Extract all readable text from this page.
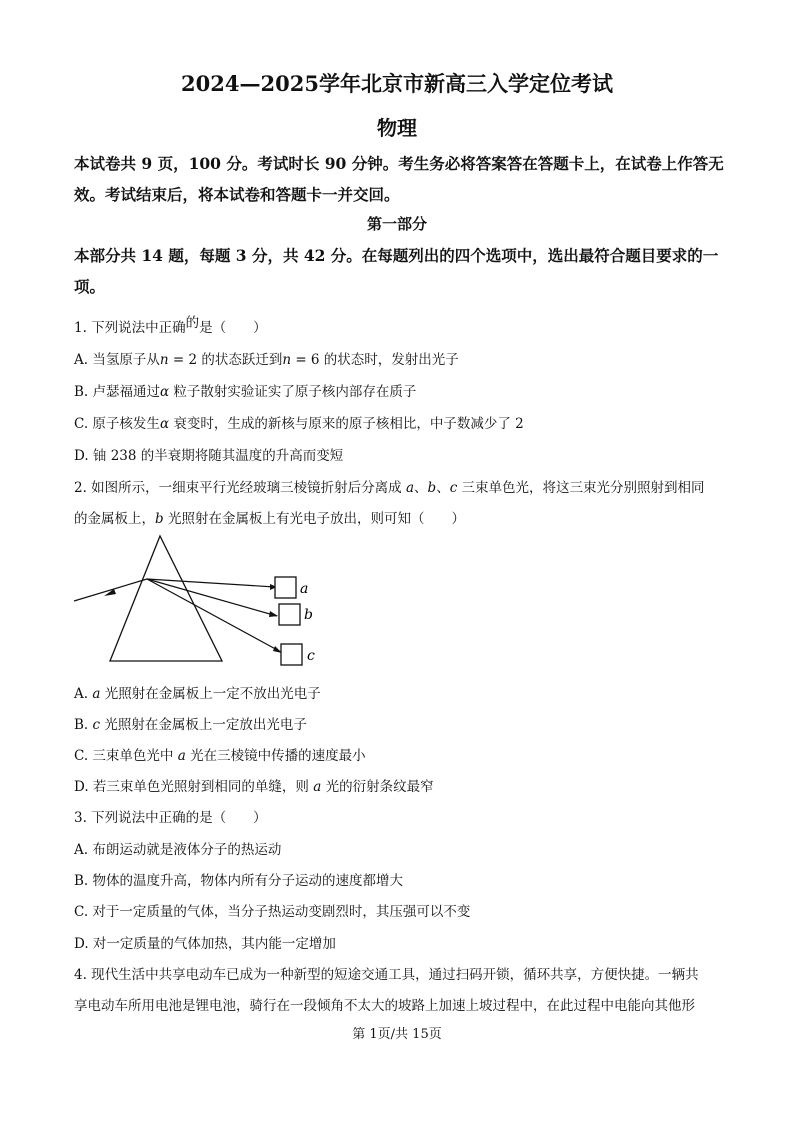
2024—2025学年北京市新高三入学定位考试
物理
本试卷共 9 页，100 分。考试时长 90 分钟。考生务必将答案答在答题卡上，在试卷上作答无
效。考试结束后，将本试卷和答题卡一并交回。
第一部分
本部分共 14 题，每题 3 分，共 42 分。在每题列出的四个选项中，选出最符合题目要求的一
项。
1. 下列说法中正确的是（　　）
A. 当氢原子从n = 2 的状态跃迁到n = 6 的状态时，发射出光子
B. 卢瑟福通过α 粒子散射实验证实了原子核内部存在质子
C. 原子核发生α 衰变时，生成的新核与原来的原子核相比，中子数减少了 2
D. 铀 238 的半衰期将随其温度的升高而变短
2. 如图所示，一细束平行光经玻璃三棱镜折射后分离成 a、b、c 三束单色光，将这三束光分别照射到相同
的金属板上，b 光照射在金属板上有光电子放出，则可知（　　）
a
b
c
A. a 光照射在金属板上一定不放出光电子
B. c 光照射在金属板上一定放出光电子
C. 三束单色光中 a 光在三棱镜中传播的速度最小
D. 若三束单色光照射到相同的单缝，则 a 光的衍射条纹最窄
3. 下列说法中正确的是（　　）
A. 布朗运动就是液体分子的热运动
B. 物体的温度升高，物体内所有分子运动的速度都增大
C. 对于一定质量的气体，当分子热运动变剧烈时，其压强可以不变
D. 对一定质量的气体加热，其内能一定增加
4. 现代生活中共享电动车已成为一种新型的短途交通工具，通过扫码开锁，循环共享，方便快捷。一辆共
享电动车所用电池是锂电池，骑行在一段倾角不太大的坡路上加速上坡过程中，在此过程中电能向其他形
第 1页/共 15页
